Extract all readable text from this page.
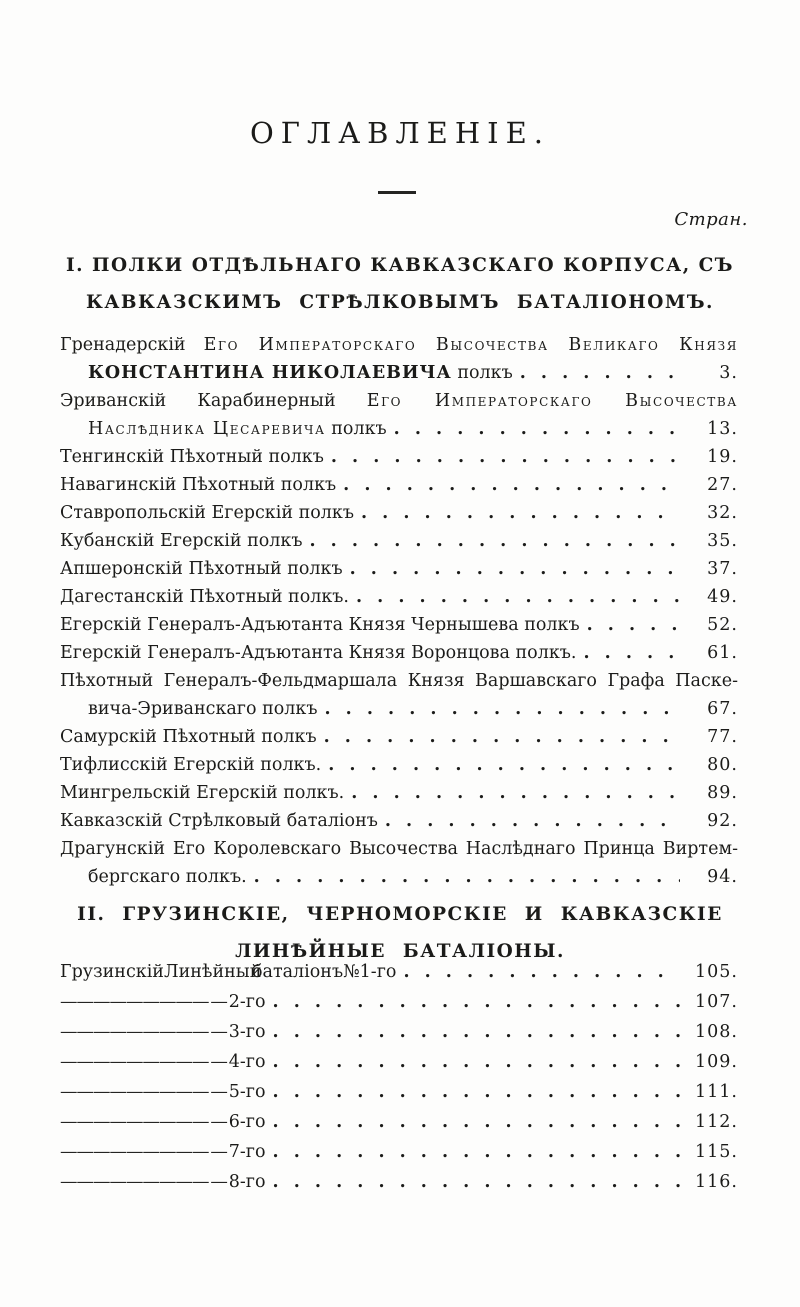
ОГЛАВЛЕНІЕ.
Стран.
I. ПОЛКИ ОТДѢЛЬНАГО КАВКАЗСКАГО КОРПУСА, СЪ
КАВКАЗСКИМЪ СТРѢЛКОВЫМЪ БАТАЛІОНОМЪ.
Гренадерскій Его Императорскаго Высочества Великаго Князя
КОНСТАНТИНА НИКОЛАЕВИЧА полкъ . . .	3.
Эриванскій Карабинерный Его Императорскаго Высочества
Наслѣдника Цесаревича полкъ . . .	13.
Тенгинскій Пѣхотный полкъ . . .	19.
Навагинскій Пѣхотный полкъ . . .	27.
Ставропольскій Егерскій полкъ . . .	32.
Кубанскій Егерскій полкъ . . .	35.
Апшеронскій Пѣхотный полкъ . . .	37.
Дагестанскій Пѣхотный полкъ. . . .	49.
Егерскій Генералъ-Адъютанта Князя Чернышева полкъ . . .	52.
Егерскій Генералъ-Адъютанта Князя Воронцова полкъ. . . .	61.
Пѣхотный Генералъ-Фельдмаршала Князя Варшавскаго Графа Паске-
вича-Эриванскаго полкъ . . .	67.
Самурскій Пѣхотный полкъ . . .	77.
Тифлисскій Егерскій полкъ. . . .	80.
Мингрельскій Егерскій полкъ. . . .	89.
Кавказскій Стрѣлковый баталіонъ . . .	92.
Драгунскій Его Королевскаго Высочества Наслѣднаго Принца Виртем-
бергскаго полкъ. . . .	94.
II. ГРУЗИНСКІЕ, ЧЕРНОМОРСКІЕ И КАВКАЗСКІЕ
ЛИНѢЙНЫЕ БАТАЛІОНЫ.
Грузинскій Линѣйный
баталіонъ № 1-го . . .	105.
——— ——— ——— — 2-го . . .	107.
——— ——— ——— — 3-го . . .	108.
——— ——— ——— — 4-го . . .	109.
——— ——— ——— — 5-го . . .	111.
——— ——— ——— — 6-го . . .	112.
——— ——— ——— — 7-го . . .	115.
——— ——— ——— — 8-го . . .	116.
